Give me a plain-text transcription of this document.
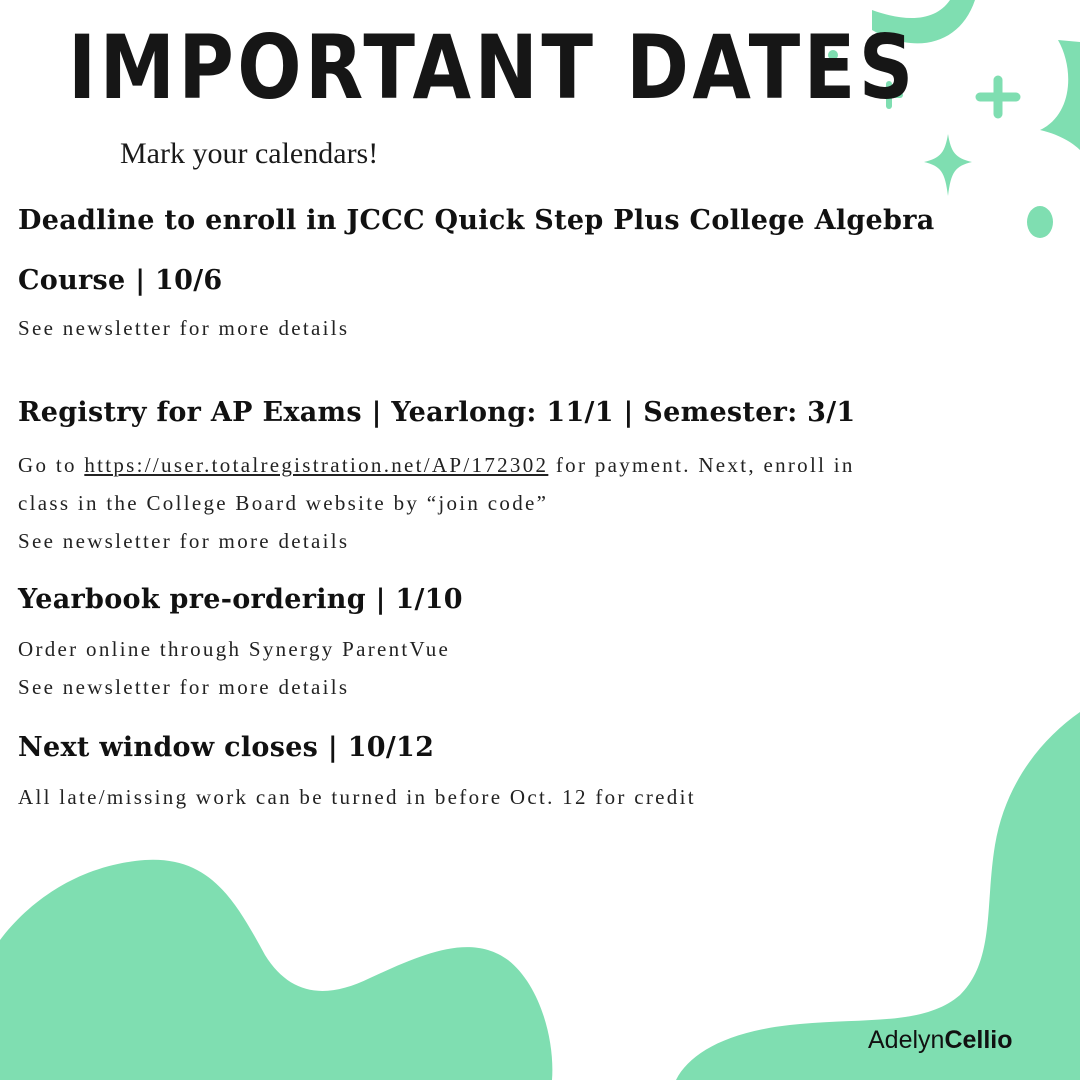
IMPORTANT DATES
Mark your calendars!
Deadline to enroll in JCCC Quick Step Plus College Algebra
Course | 10/6
See newsletter for more details
Registry for AP Exams | Yearlong: 11/1 | Semester: 3/1
Go to https://user.totalregistration.net/AP/172302 for payment. Next, enroll in
class in the College Board website by “join code”
See newsletter for more details
Yearbook pre-ordering | 1/10
Order online through Synergy ParentVue
See newsletter for more details
Next window closes | 10/12
All late/missing work can be turned in before Oct. 12 for credit
AdelynCellio
